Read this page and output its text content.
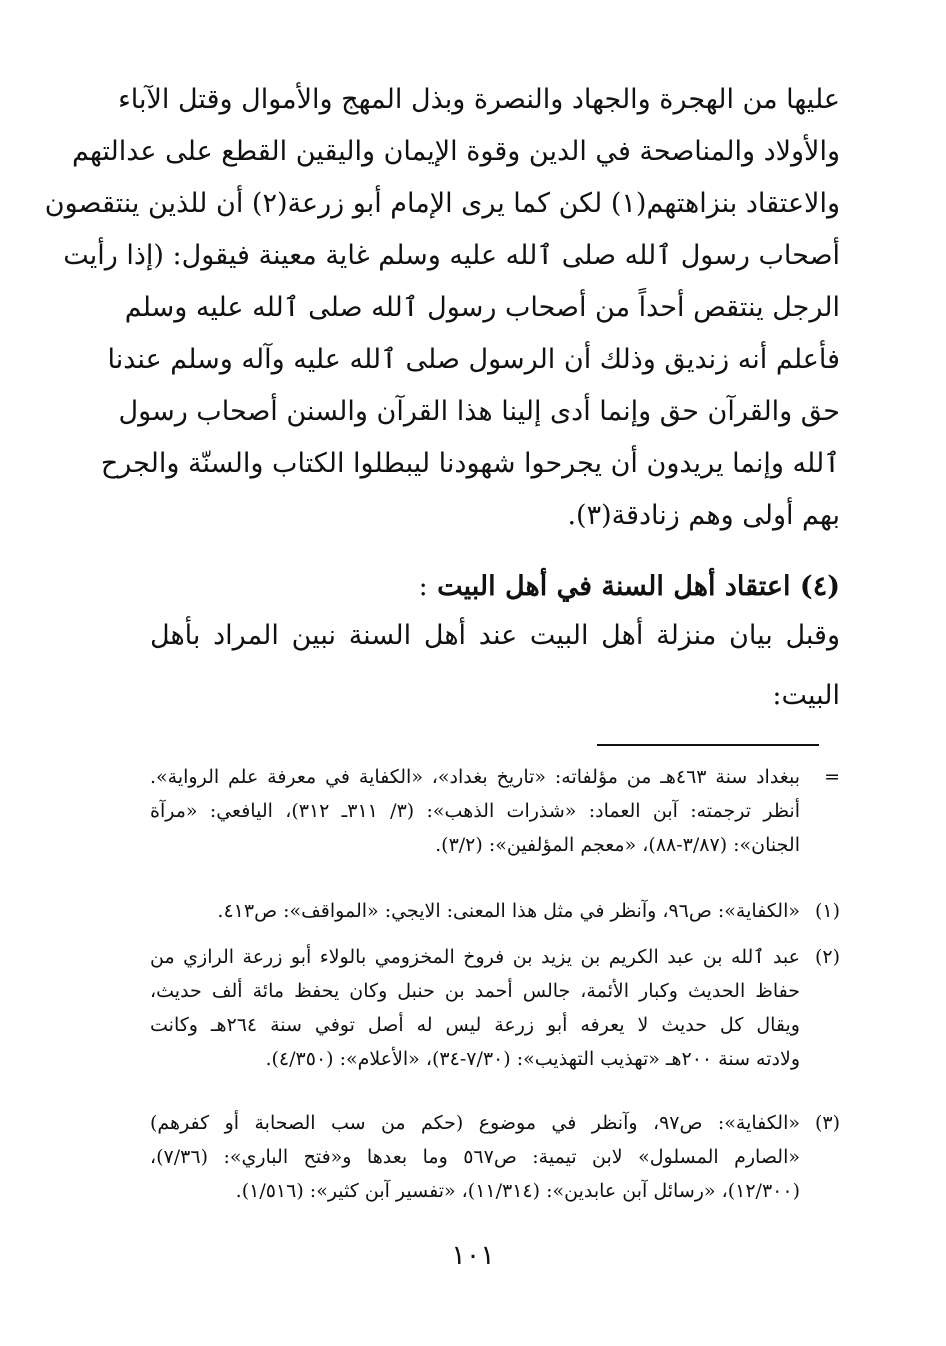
عليها من الهجرة والجهاد والنصرة وبذل المهج والأموال وقتل الآباء
والأولاد والمناصحة في الدين وقوة الإيمان واليقين القطع على عدالتهم
والاعتقاد بنزاهتهم(١) لكن كما يرى الإمام أبو زرعة(٢) أن للذين ينتقصون
أصحاب رسول ٱلله صلى ٱلله عليه وسلم غاية معينة فيقول: (إذا رأيت
الرجل ينتقص أحداً من أصحاب رسول ٱلله صلى ٱلله عليه وسلم
فأعلم أنه زنديق وذلك أن الرسول صلى ٱلله عليه وآله وسلم عندنا
حق والقرآن حق وإنما أدى إلينا هذا القرآن والسنن أصحاب رسول
ٱلله وإنما يريدون أن يجرحوا شهودنا ليبطلوا الكتاب والسنّة والجرح
بهم أولى وهم زنادقة(٣).
(٤) اعتقاد أهل السنة في أهل البيت :
وقبل بيان منزلة أهل البيت عند أهل السنة نبين المراد بأهل
البيت:
=
ببغداد سنة ٤٦٣هـ من مؤلفاته: «تاريخ بغداد»، «الكفاية في معرفة علم الرواية».
أنظر ترجمته: آبن العماد: «شذرات الذهب»: (٣/ ٣١١ـ ٣١٢)، اليافعي: «مرآة
الجنان»: (٣/٨٧-٨٨)، «معجم المؤلفين»: (٣/٢).
(١)
«الكفاية»: ص٩٦، وآنظر في مثل هذا المعنى: الايجي: «المواقف»: ص٤١٣.
(٢)
عبد ٱلله بن عبد الكريم بن يزيد بن فروخ المخزومي بالولاء أبو زرعة الرازي من
حفاظ الحديث وكبار الأئمة، جالس أحمد بن حنبل وكان يحفظ مائة ألف حديث،
ويقال كل حديث لا يعرفه أبو زرعة ليس له أصل توفي سنة ٢٦٤هـ وكانت
ولادته سنة ٢٠٠هـ «تهذيب التهذيب»: (٧/٣٠-٣٤)، «الأعلام»: (٤/٣٥٠).
(٣)
«الكفاية»: ص٩٧، وآنظر في موضوع (حكم من سب الصحابة أو كفرهم)
«الصارم المسلول» لابن تيمية: ص٥٦٧ وما بعدها و«فتح الباري»: (٧/٣٦)،
(١٢/٣٠٠)، «رسائل آبن عابدين»: (١١/٣١٤)، «تفسير آبن كثير»: (١/٥١٦).
١٠١
